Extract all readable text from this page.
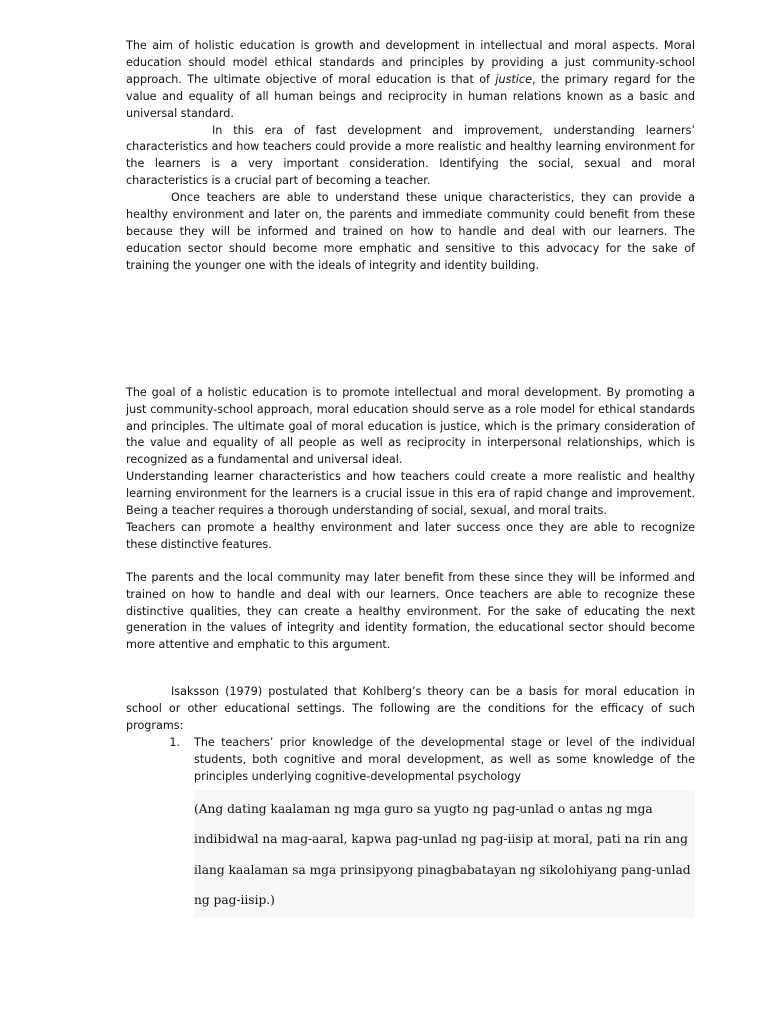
The aim of holistic education is growth and development in intellectual and moral aspects. Moral education should model ethical standards and principles by providing a just community-school approach. The ultimate objective of moral education is that of justice, the primary regard for the value and equality of all human beings and reciprocity in human relations known as a basic and universal standard.

In this era of fast development and improvement, understanding learners’ characteristics and how teachers could provide a more realistic and healthy learning environment for the learners is a very important consideration. Identifying the social, sexual and moral characteristics is a crucial part of becoming a teacher.

Once teachers are able to understand these unique characteristics, they can provide a healthy environment and later on, the parents and immediate community could benefit from these because they will be informed and trained on how to handle and deal with our learners. The education sector should become more emphatic and sensitive to this advocacy for the sake of training the younger one with the ideals of integrity and identity building.

The goal of a holistic education is to promote intellectual and moral development. By promoting a just community-school approach, moral education should serve as a role model for ethical standards and principles. The ultimate goal of moral education is justice, which is the primary consideration of the value and equality of all people as well as reciprocity in interpersonal relationships, which is recognized as a fundamental and universal ideal.

Understanding learner characteristics and how teachers could create a more realistic and healthy learning environment for the learners is a crucial issue in this era of rapid change and improvement. Being a teacher requires a thorough understanding of social, sexual, and moral traits.

Teachers can promote a healthy environment and later success once they are able to recognize these distinctive features.

The parents and the local community may later benefit from these since they will be informed and trained on how to handle and deal with our learners. Once teachers are able to recognize these distinctive qualities, they can create a healthy environment. For the sake of educating the next generation in the values of integrity and identity formation, the educational sector should become more attentive and emphatic to this argument.

Isaksson (1979) postulated that Kohlberg’s theory can be a basis for moral education in school or other educational settings. The following are the conditions for the efficacy of such programs:

1.	The teachers’ prior knowledge of the developmental stage or level of the individual students, both cognitive and moral development, as well as some knowledge of the principles underlying cognitive-developmental psychology
(Ang dating kaalaman ng mga guro sa yugto ng pag-unlad o antas ng mga indibidwal na mag-aaral, kapwa pag-unlad ng pag-iisip at moral, pati na rin ang ilang kaalaman sa mga prinsipyong pinagbabatayan ng sikolohiyang pang-unlad ng pag-iisip.)
